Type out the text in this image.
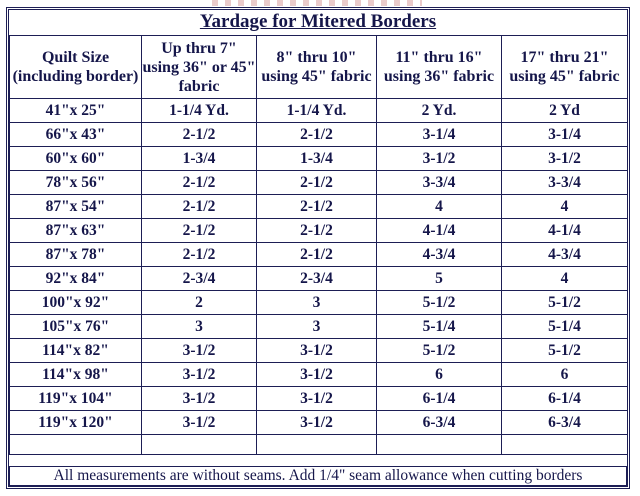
Yardage for Mitered Borders
Quilt Size (including border)	Up thru 7" using 36" or 45" fabric	8" thru 10" using 45" fabric	11" thru 16" using 36" fabric	17" thru 21" using 45" fabric
41"x 25"	1-1/4 Yd.	1-1/4 Yd.	2 Yd.	2 Yd
66"x 43"	2-1/2	2-1/2	3-1/4	3-1/4
60"x 60"	1-3/4	1-3/4	3-1/2	3-1/2
78"x 56"	2-1/2	2-1/2	3-3/4	3-3/4
87"x 54"	2-1/2	2-1/2	4	4
87"x 63"	2-1/2	2-1/2	4-1/4	4-1/4
87"x 78"	2-1/2	2-1/2	4-3/4	4-3/4
92"x 84"	2-3/4	2-3/4	5	4
100"x 92"	2	3	5-1/2	5-1/2
105"x 76"	3	3	5-1/4	5-1/4
114"x 82"	3-1/2	3-1/2	5-1/2	5-1/2
114"x 98"	3-1/2	3-1/2	6	6
119"x 104"	3-1/2	3-1/2	6-1/4	6-1/4
119"x 120"	3-1/2	3-1/2	6-3/4	6-3/4

All measurements are without seams. Add 1/4" seam allowance when cutting borders
